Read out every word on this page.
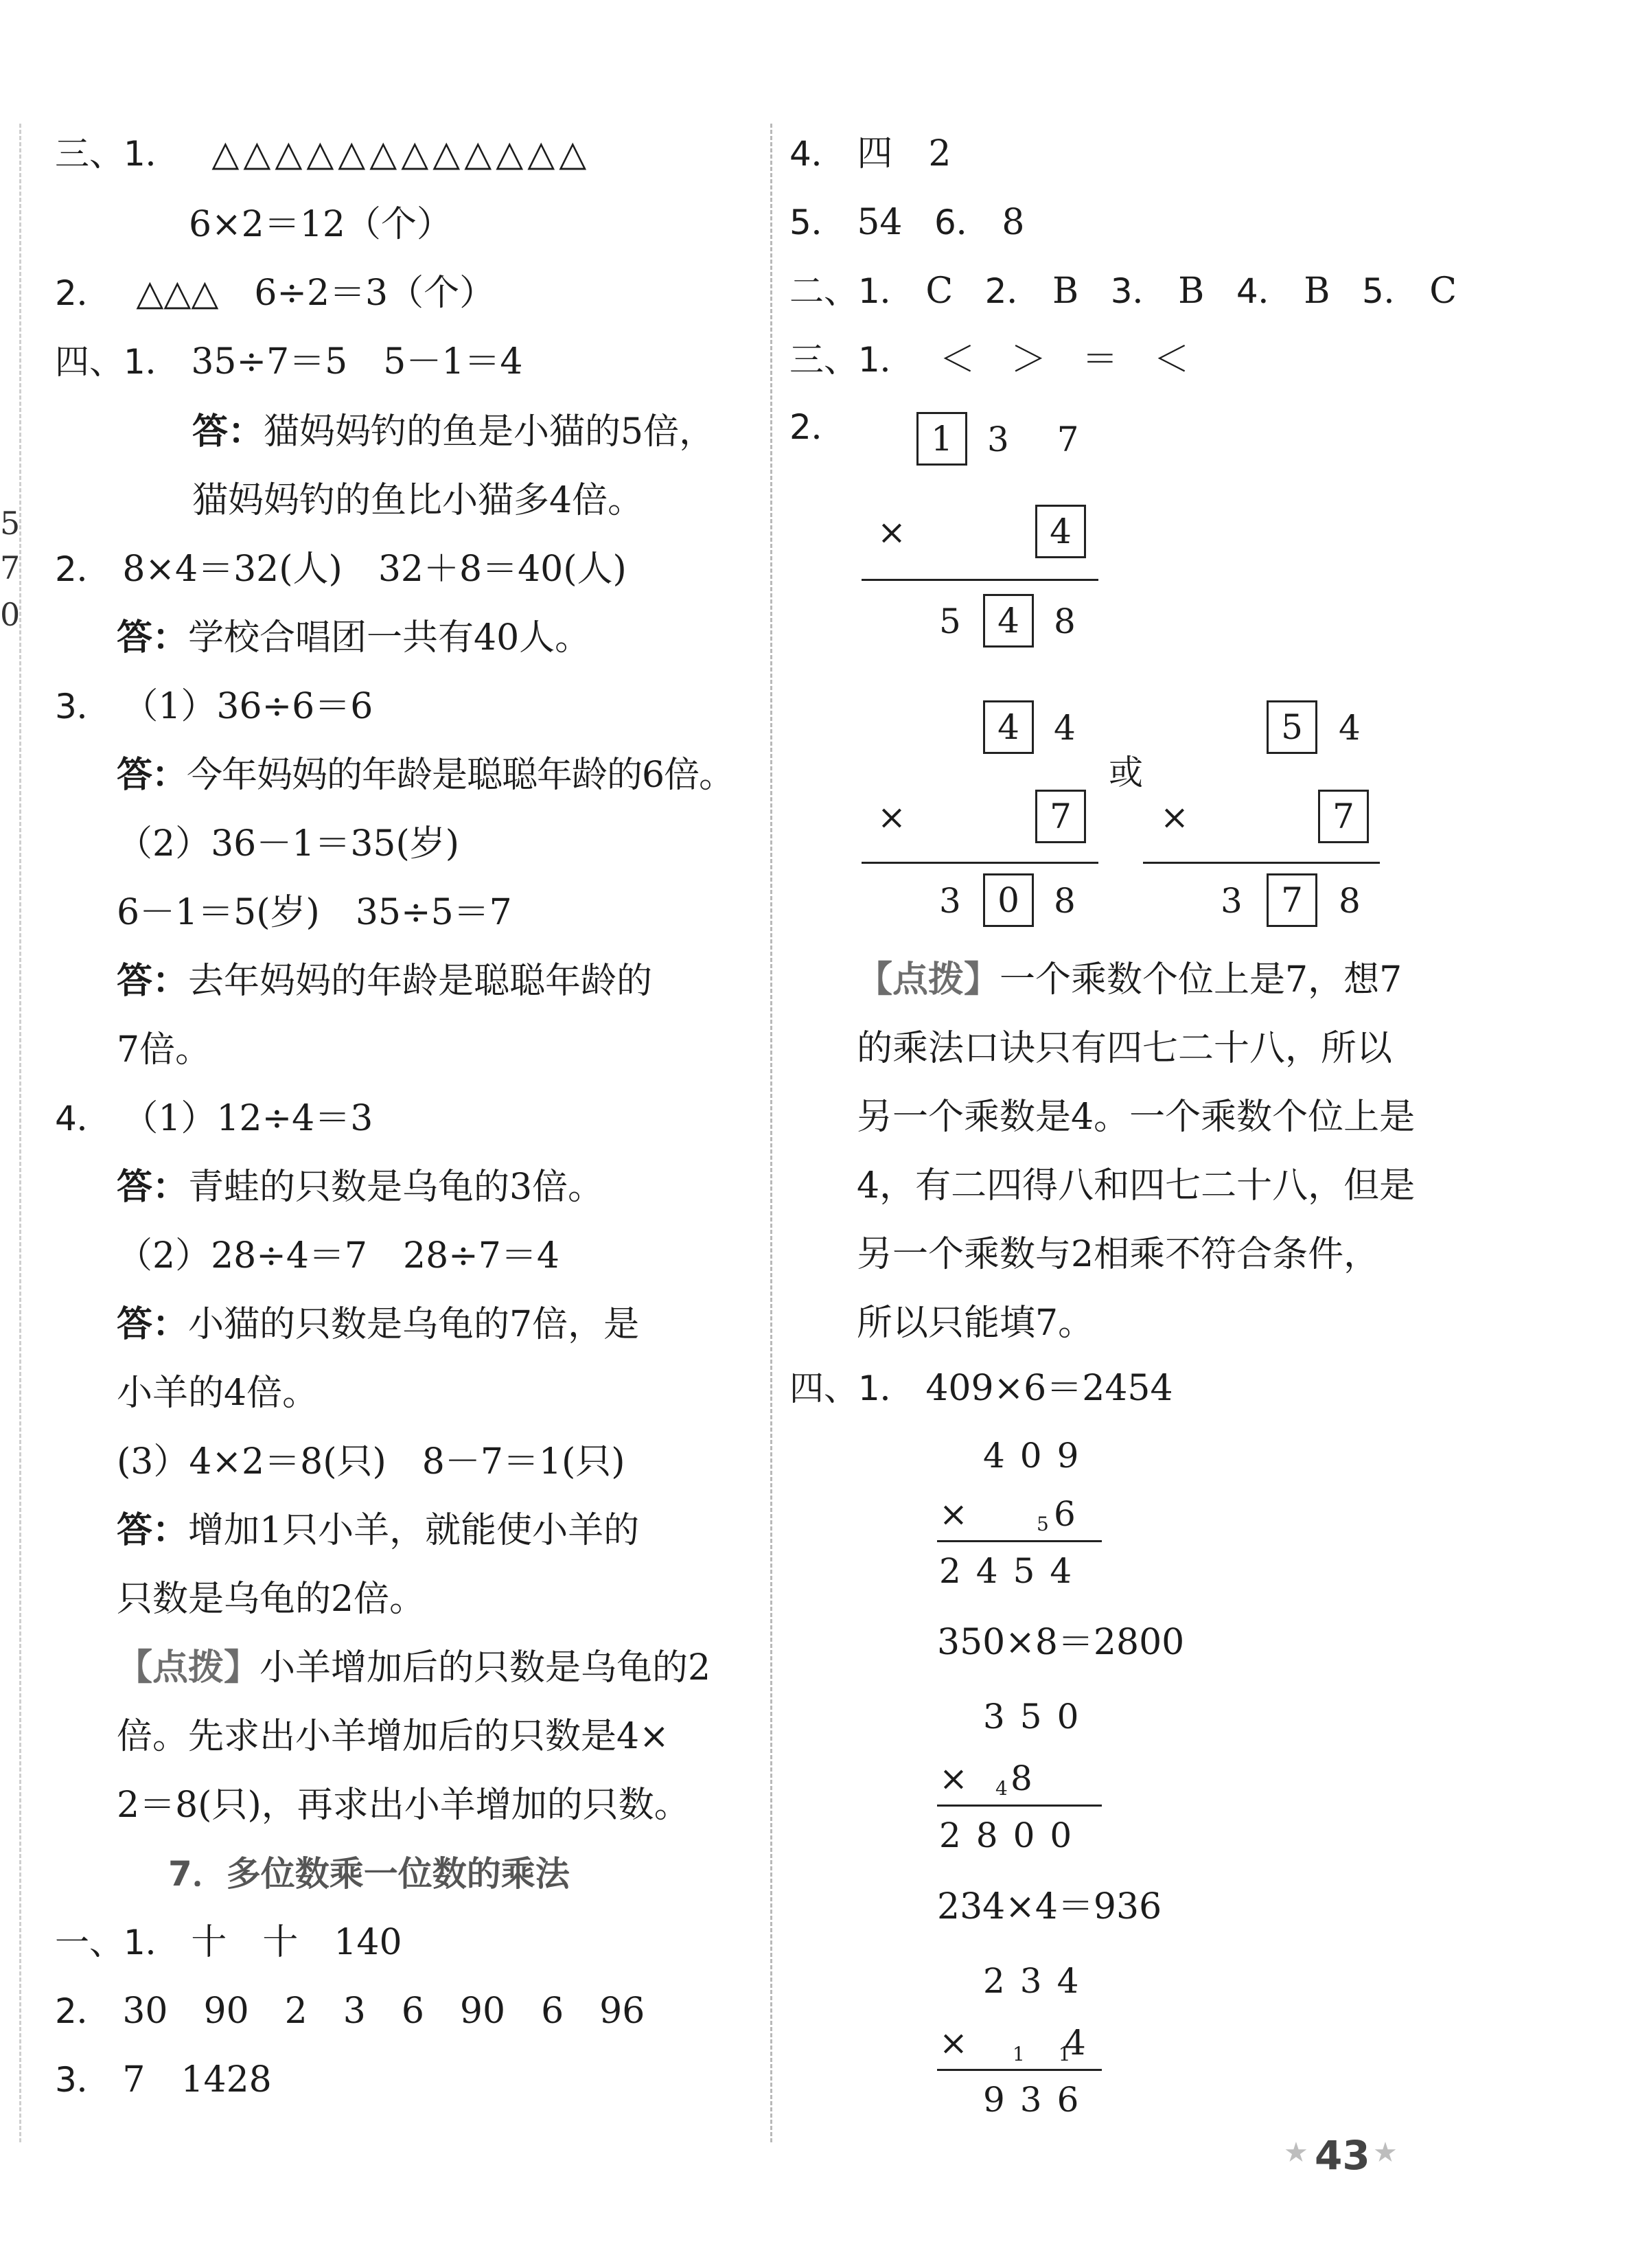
5
7
0
三、1． △△△△△△△△△△△△
6×2＝12（个）
2． △△△　6÷2＝3（个）
四、1． 35÷7＝5　5－1＝4
答：猫妈妈钓的鱼是小猫的5倍，
猫妈妈钓的鱼比小猫多4倍。
2． 8×4＝32(人)　32＋8＝40(人)
答：学校合唱团一共有40人。
3． （1）36÷6＝6
答：今年妈妈的年龄是聪聪年龄的6倍。
（2）36－1＝35(岁)
6－1＝5(岁)　35÷5＝7
答：去年妈妈的年龄是聪聪年龄的
7倍。
4． （1）12÷4＝3
答：青蛙的只数是乌龟的3倍。
（2）28÷4＝7　28÷7＝4
答：小猫的只数是乌龟的7倍，是
小羊的4倍。
(3）4×2＝8(只)　8－7＝1(只)
答：增加1只小羊，就能使小羊的
只数是乌龟的2倍。
【点拨】小羊增加后的只数是乌龟的2
倍。先求出小羊增加后的只数是4×
2＝8(只)，再求出小羊增加的只数。
7．多位数乘一位数的乘法
一、1． 十　十　140
2． 30　90　2　3　6　90　6　96
3． 7　1428
4． 四　2
5． 54 6． 8
二、1． C 2． B 3． B 4． B 5． C
三、1． ＜　＞　＝　＜
2．	1	3　7
×	4
5	4	8
4	4
×	7
3	0	8
或
5	4
×	7
3	7	8
【点拨】一个乘数个位上是7，想7
的乘法口诀只有四七二十八，所以
另一个乘数是4。一个乘数个位上是
4，有二四得八和四七二十八，但是
另一个乘数与2相乘不符合条件，
所以只能填7。
四、1． 409×6＝2454
409
×	5 6
2454
350×8＝2800
350
× 4 8
2800
234×4＝936
234
× 1 1
4
936
★ 43 ★
